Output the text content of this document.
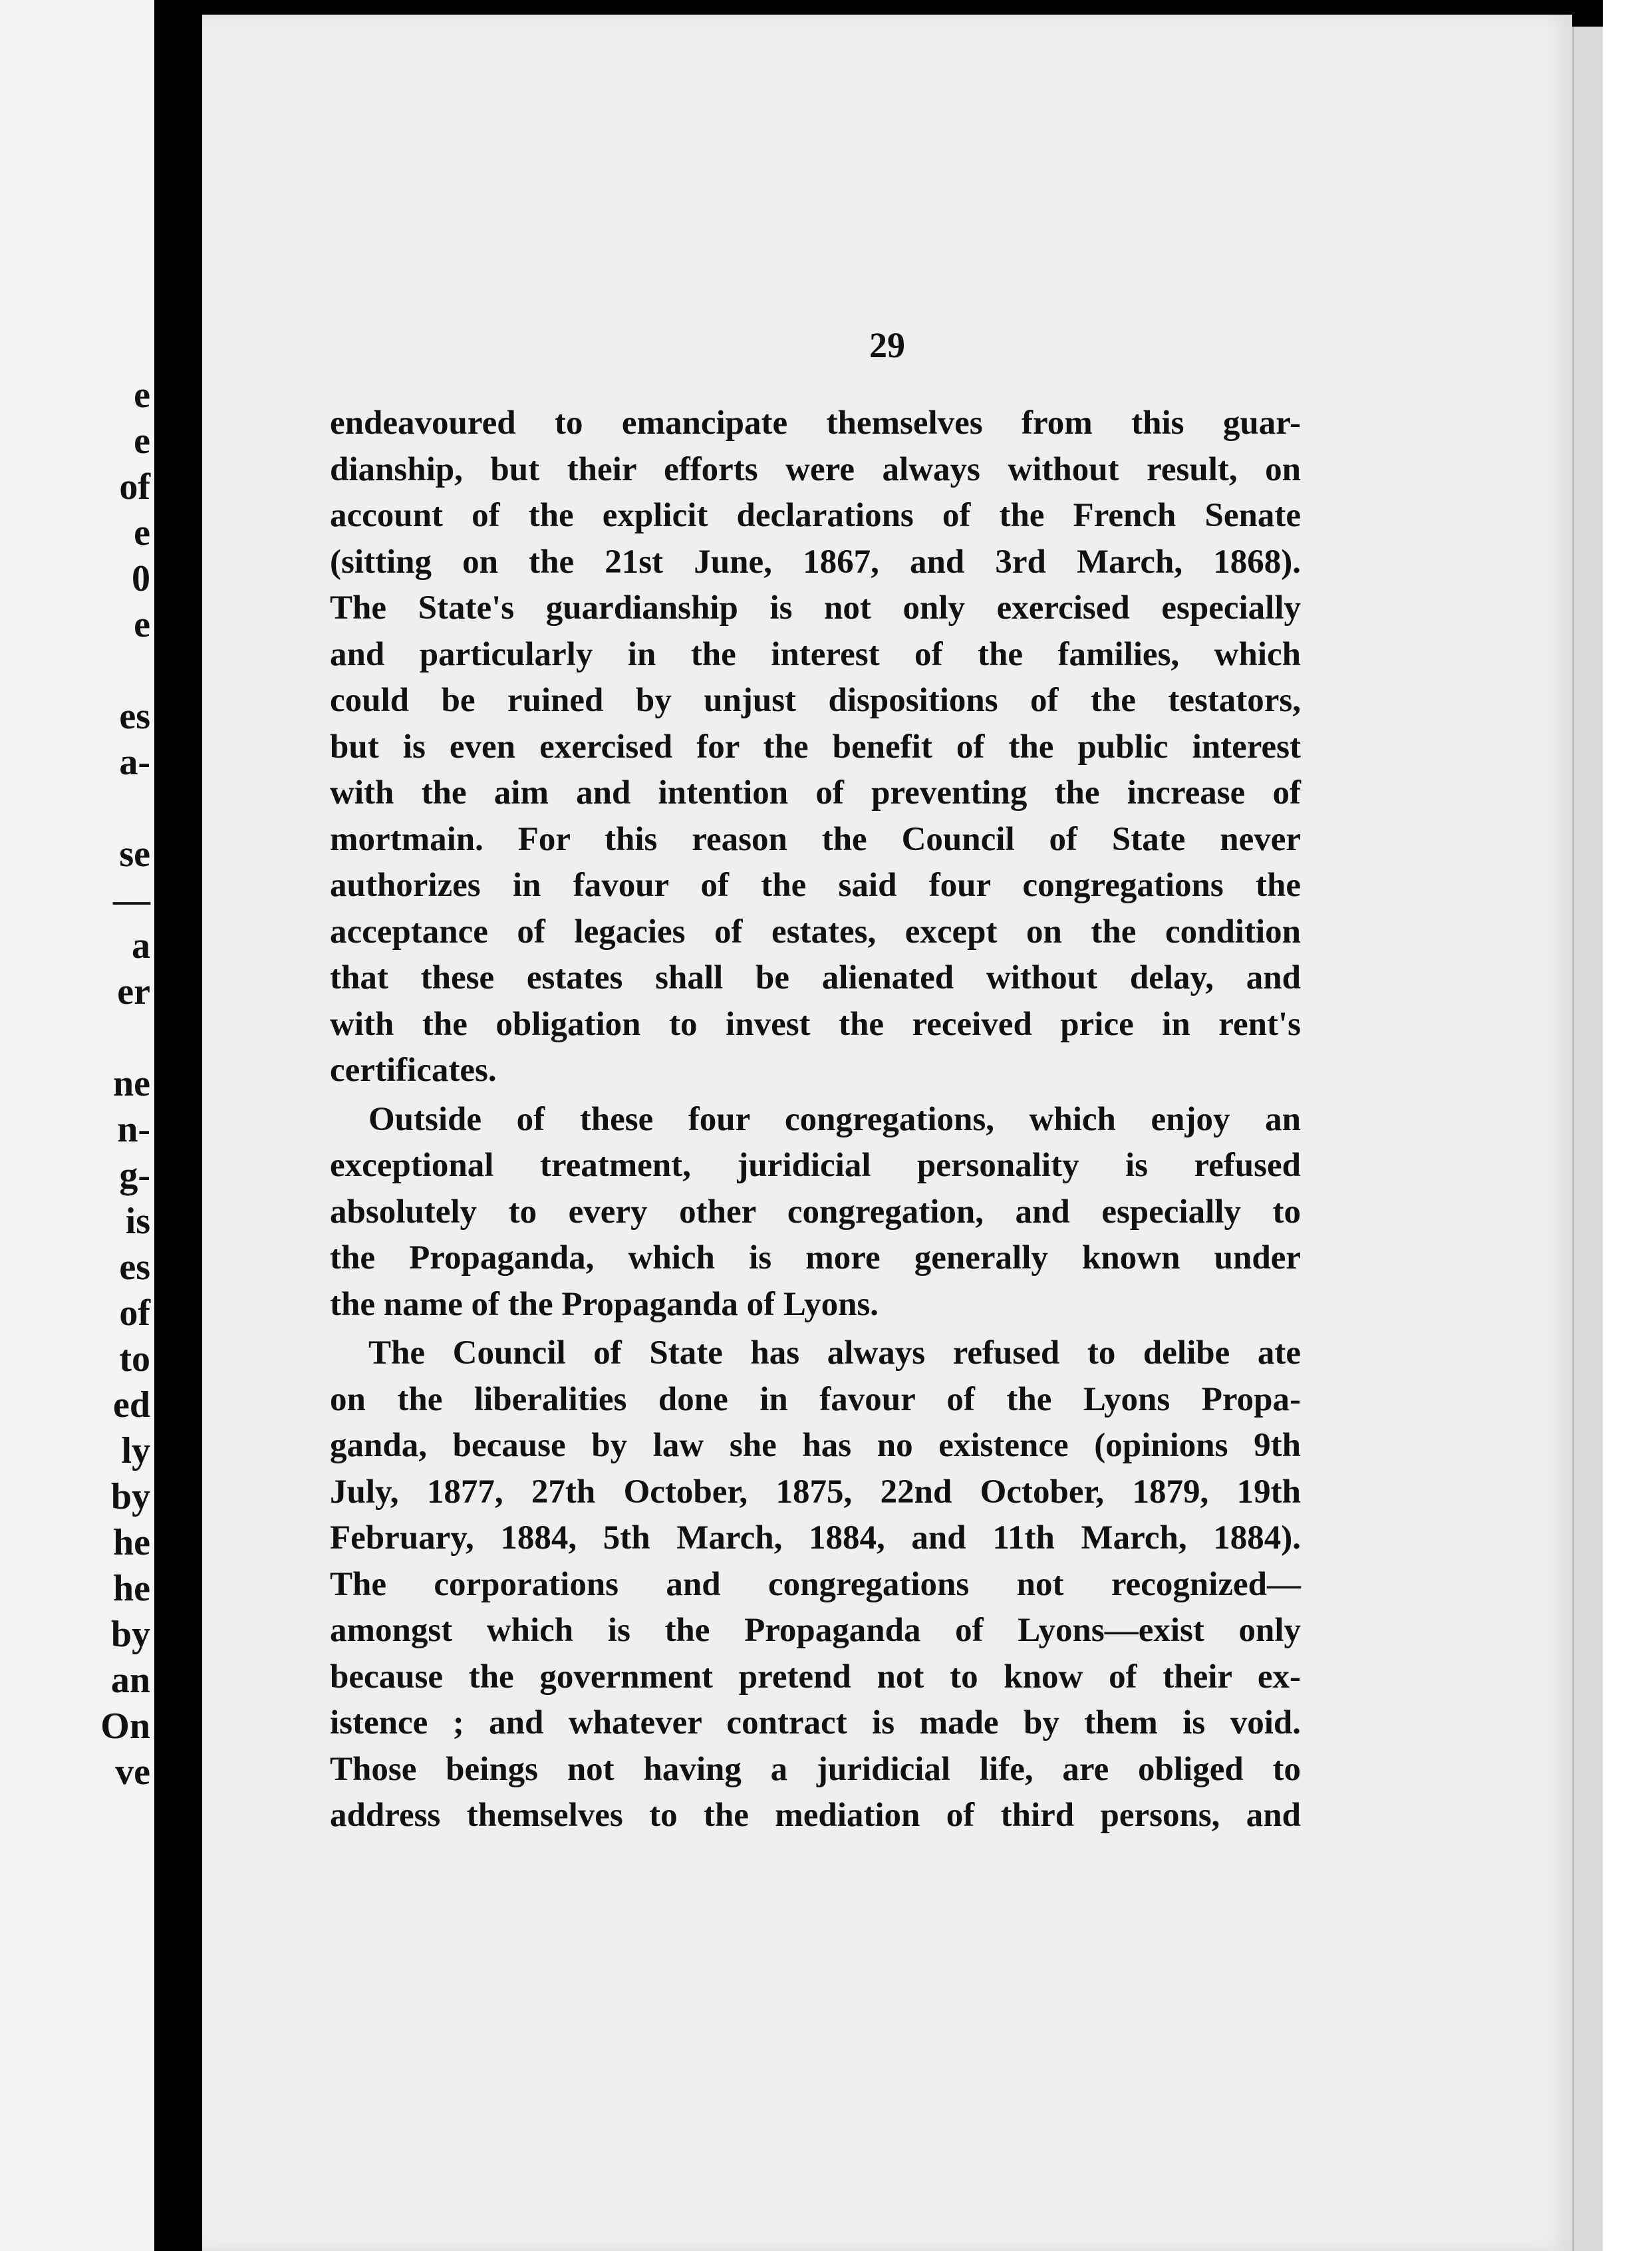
e
e
of
e
0
e
es
a-
se
—
a
er
ne
n-
g-
is
es
of
to
ed
ly
by
he
he
by
an
On
ve
29
endeavoured to emancipate themselves from this guar-
dianship, but their efforts were always without result, on
account of the explicit declarations of the French Senate
(sitting on the 21st June, 1867, and 3rd March, 1868).
The State's guardianship is not only exercised especially
and particularly in the interest of the families, which
could be ruined by unjust dispositions of the testators,
but is even exercised for the benefit of the public interest
with the aim and intention of preventing the increase of
mortmain. For this reason the Council of State never
authorizes in favour of the said four congregations the
acceptance of legacies of estates, except on the condition
that these estates shall be alienated without delay, and
with the obligation to invest the received price in rent's
certificates.
Outside of these four congregations, which enjoy an
exceptional treatment, juridicial personality is refused
absolutely to every other congregation, and especially to
the Propaganda, which is more generally known under
the name of the Propaganda of Lyons.
The Council of State has always refused to delibe ate
on the liberalities done in favour of the Lyons Propa-
ganda, because by law she has no existence (opinions 9th
July, 1877, 27th October, 1875, 22nd October, 1879, 19th
February, 1884, 5th March, 1884, and 11th March, 1884).
The corporations and congregations not recognized—
amongst which is the Propaganda of Lyons—exist only
because the government pretend not to know of their ex-
istence ; and whatever contract is made by them is void.
Those beings not having a juridicial life, are obliged to
address themselves to the mediation of third persons, and
